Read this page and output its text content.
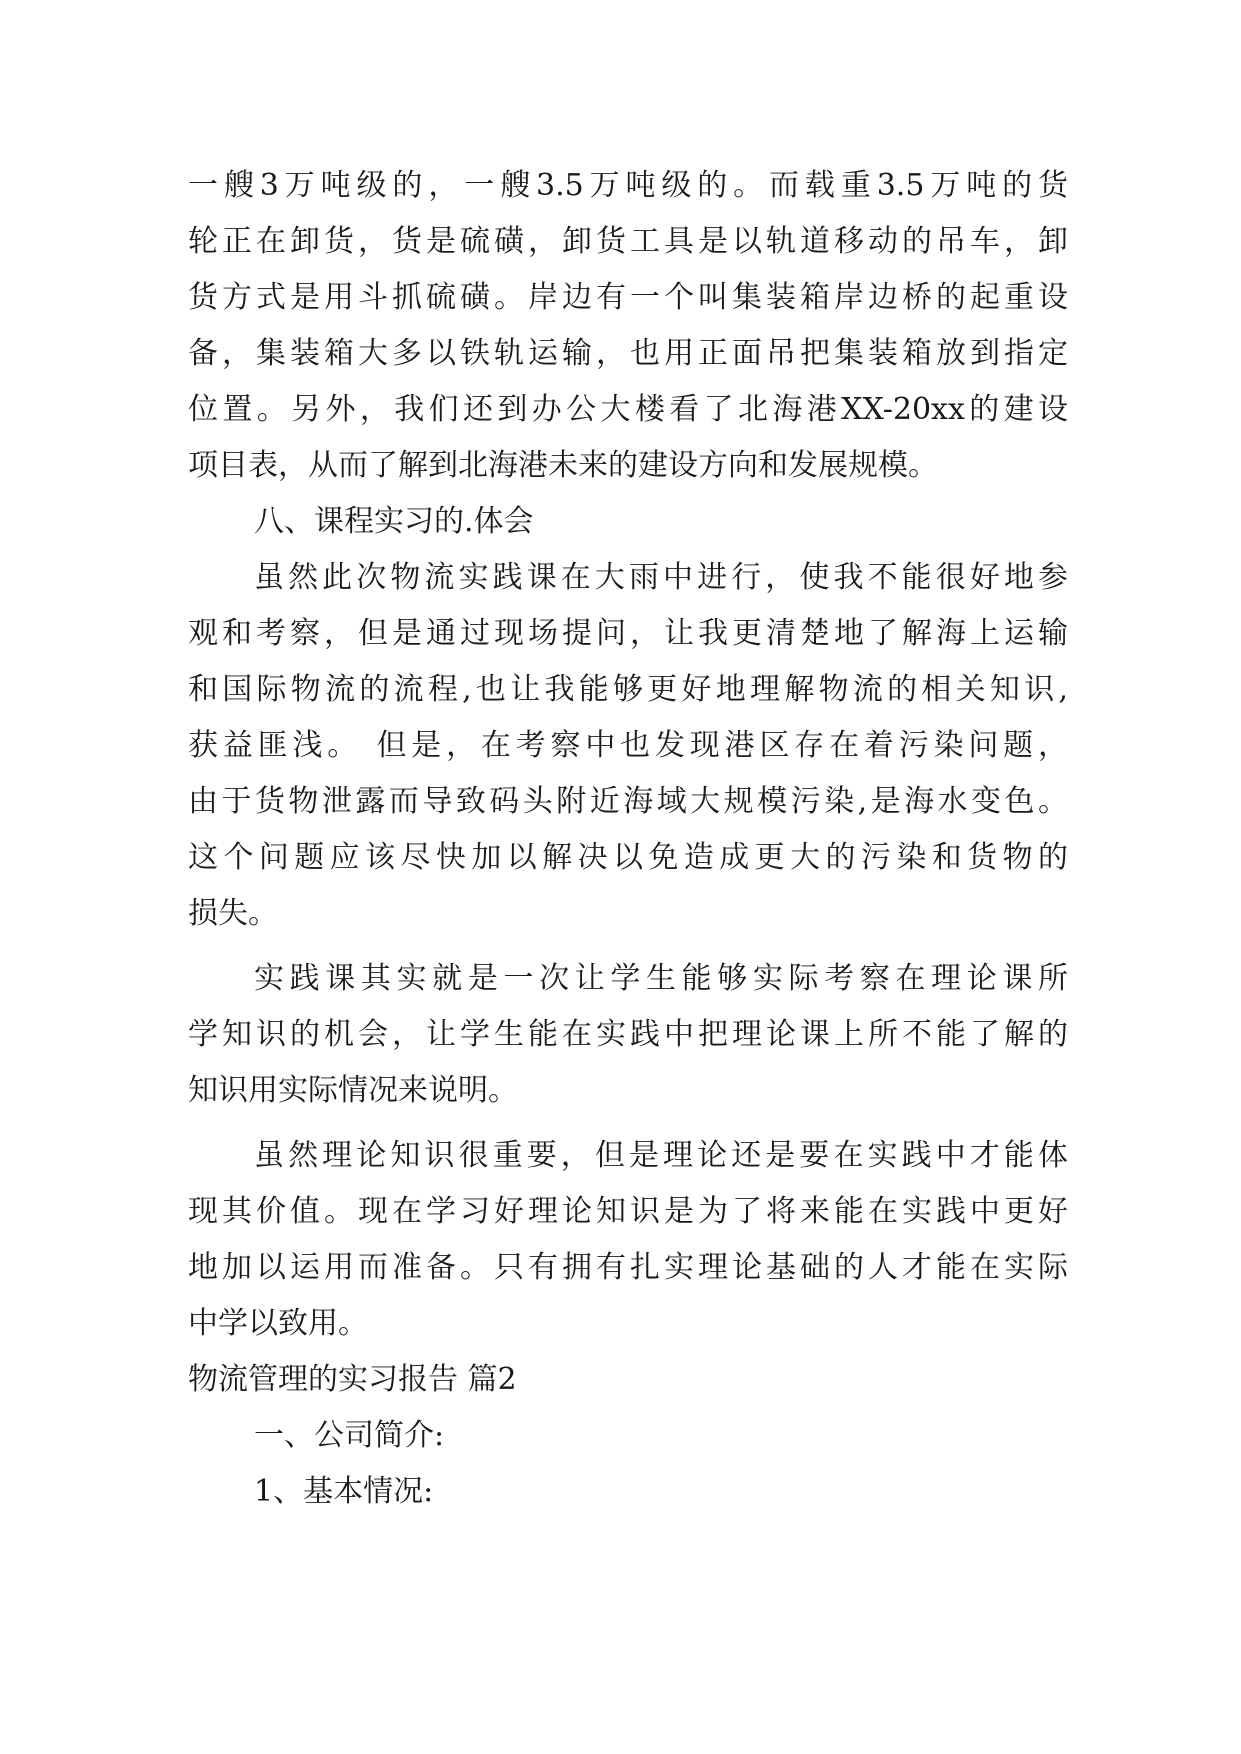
一艘3万吨级的，一艘3.5万吨级的。而载重3.5万吨的货
轮正在卸货，货是硫磺，卸货工具是以轨道移动的吊车，卸
货方式是用斗抓硫磺。岸边有一个叫集装箱岸边桥的起重设
备，集装箱大多以铁轨运输，也用正面吊把集装箱放到指定
位置。另外，我们还到办公大楼看了北海港XX-20xx的建设
项目表，从而了解到北海港未来的建设方向和发展规模。
八、课程实习的.体会
虽然此次物流实践课在大雨中进行，使我不能很好地参
观和考察，但是通过现场提问，让我更清楚地了解海上运输
和国际物流的流程,也让我能够更好地理解物流的相关知识,
获益匪浅。 但是，在考察中也发现港区存在着污染问题，
由于货物泄露而导致码头附近海域大规模污染,是海水变色。
这个问题应该尽快加以解决以免造成更大的污染和货物的
损失。
实践课其实就是一次让学生能够实际考察在理论课所
学知识的机会，让学生能在实践中把理论课上所不能了解的
知识用实际情况来说明。
虽然理论知识很重要，但是理论还是要在实践中才能体
现其价值。现在学习好理论知识是为了将来能在实践中更好
地加以运用而准备。只有拥有扎实理论基础的人才能在实际
中学以致用。
物流管理的实习报告 篇2
一、公司简介:
1、基本情况:
